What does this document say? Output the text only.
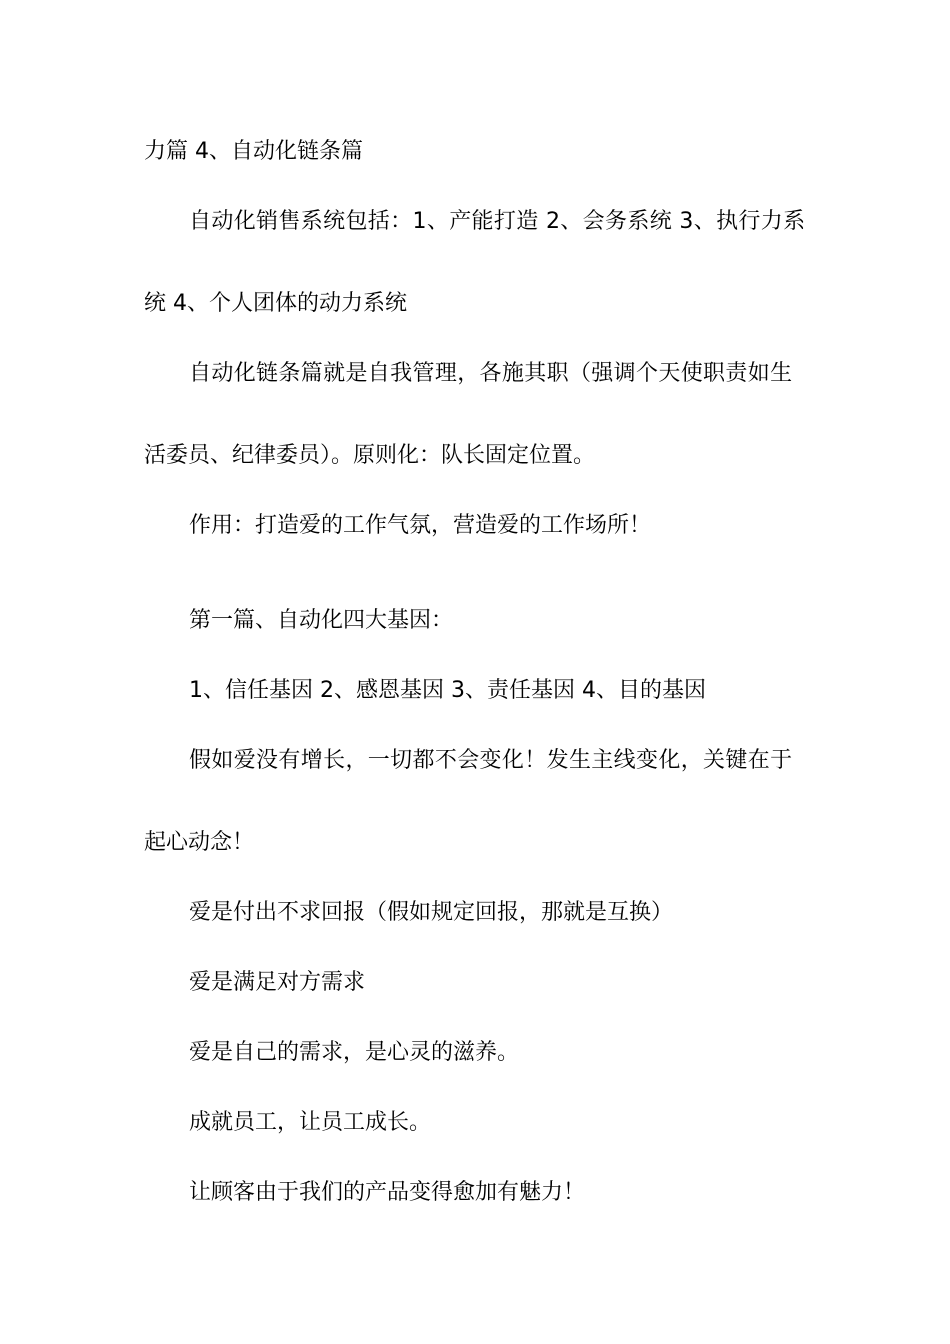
力篇 4、自动化链条篇
自动化销售系统包括：1、产能打造 2、会务系统 3、执行力系
统 4、个人团体的动力系统
自动化链条篇就是自我管理，各施其职（强调个天使职责如生
活委员、纪律委员）。原则化：队长固定位置。
作用：打造爱的工作气氛，营造爱的工作场所！
第一篇、自动化四大基因：
1、信任基因 2、感恩基因 3、责任基因 4、目的基因
假如爱没有增长，一切都不会变化！发生主线变化，关键在于
起心动念！
爱是付出不求回报（假如规定回报，那就是互换）
爱是满足对方需求
爱是自己的需求，是心灵的滋养。
成就员工，让员工成长。
让顾客由于我们的产品变得愈加有魅力！
